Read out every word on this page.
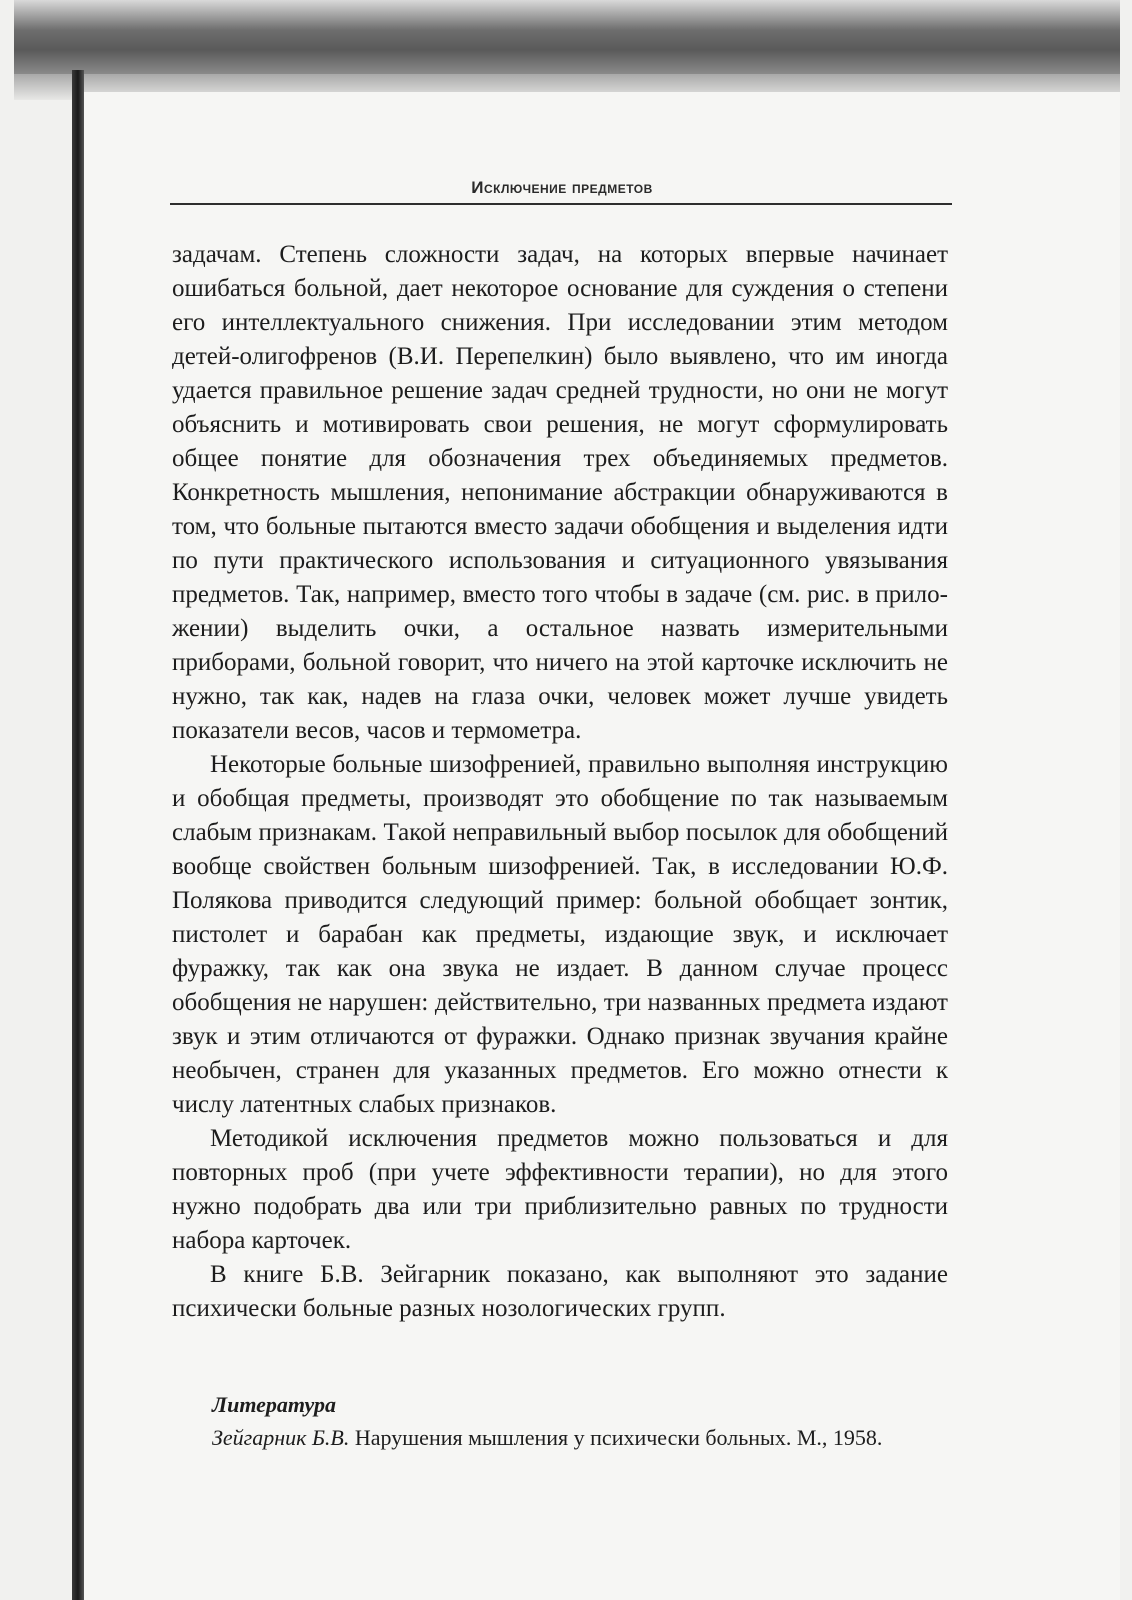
Исключение предметов

задачам. Степень сложности задач, на которых впервые начинает ошибаться больной, дает некоторое основание для суждения о степени его интеллектуального снижения. При исследовании этим методом детей-олигофренов (В.И. Перепелкин) было выявлено, что им иногда удается правильное решение задач средней трудности, но они не могут объяснить и мотивировать свои решения, не могут сформулировать общее понятие для обозначения трех объединяемых предметов. Конкретность мышления, непонимание абстракции обнаруживаются в том, что больные пытаются вместо задачи обобщения и выделения идти по пути практического использования и ситуационного увязывания предметов. Так, например, вместо того чтобы в задаче (см. рис. в приложении) выделить очки, а остальное назвать измерительными приборами, больной говорит, что ничего на этой карточке исключить не нужно, так как, надев на глаза очки, человек может лучше увидеть показатели весов, часов и термометра.

Некоторые больные шизофренией, правильно выполняя инструкцию и обобщая предметы, производят это обобщение по так называемым слабым признакам. Такой неправильный выбор посылок для обобщений вообще свойствен больным шизофренией. Так, в исследовании Ю.Ф. Полякова приводится следующий пример: больной обобщает зонтик, пистолет и барабан как предметы, издающие звук, и исключает фуражку, так как она звука не издает. В данном случае процесс обобщения не нарушен: действительно, три названных предмета издают звук и этим отличаются от фуражки. Однако признак звучания крайне необычен, странен для указанных предметов. Его можно отнести к числу латентных слабых признаков.

Методикой исключения предметов можно пользоваться и для повторных проб (при учете эффективности терапии), но для этого нужно подобрать два или три приблизительно равных по трудности набора карточек.

В книге Б.В. Зейгарник показано, как выполняют это задание психически больные разных нозологических групп.

Литература
Зейгарник Б.В. Нарушения мышления у психически больных. М., 1958.
